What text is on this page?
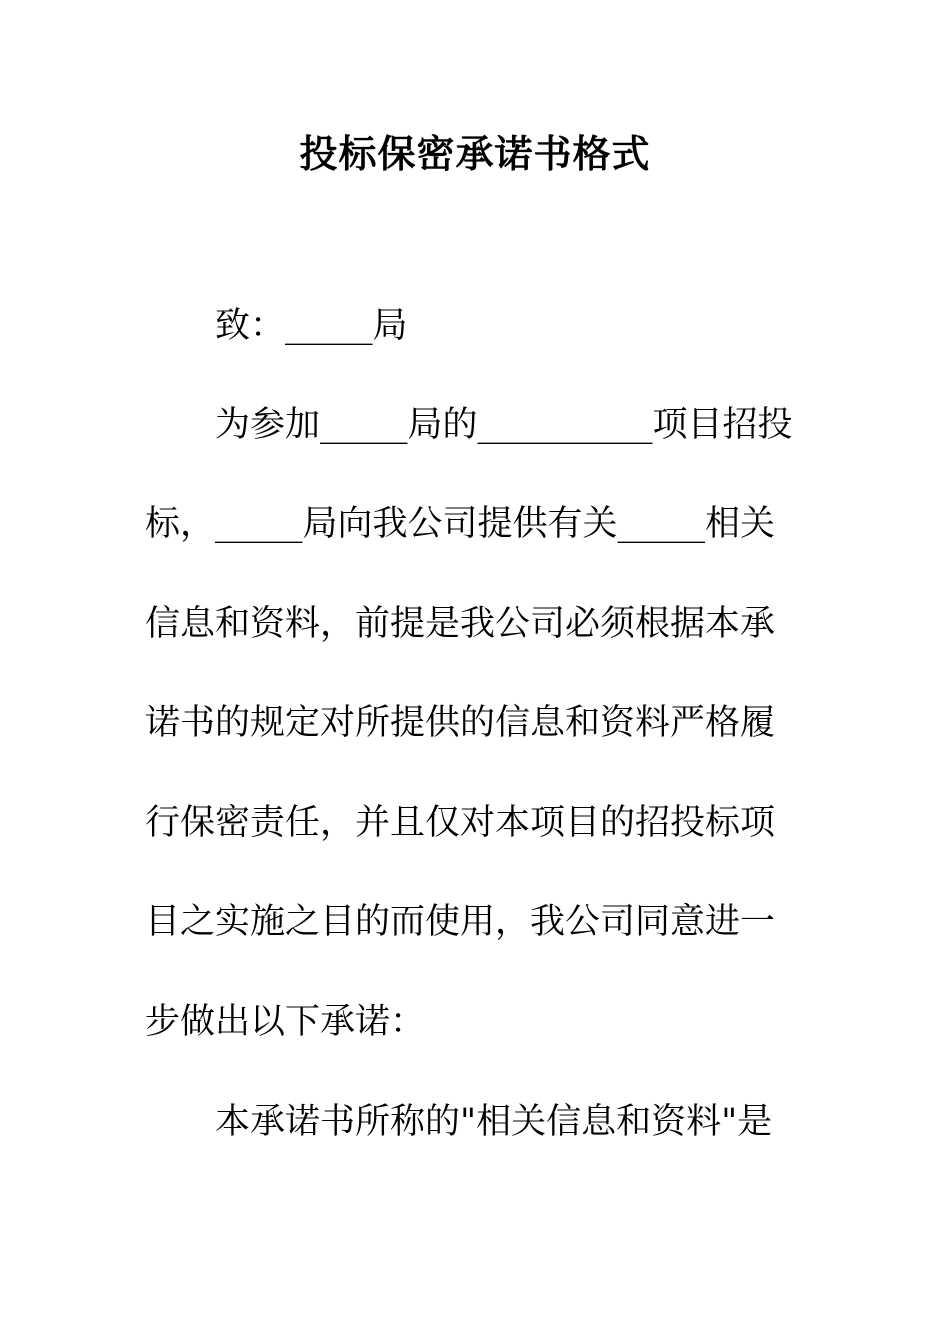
投标保密承诺书格式
致：_____局
为参加_____局的__________项目招投
标，_____局向我公司提供有关_____相关
信息和资料，前提是我公司必须根据本承
诺书的规定对所提供的信息和资料严格履
行保密责任，并且仅对本项目的招投标项
目之实施之目的而使用，我公司同意进一
步做出以下承诺：
本承诺书所称的"相关信息和资料"是
